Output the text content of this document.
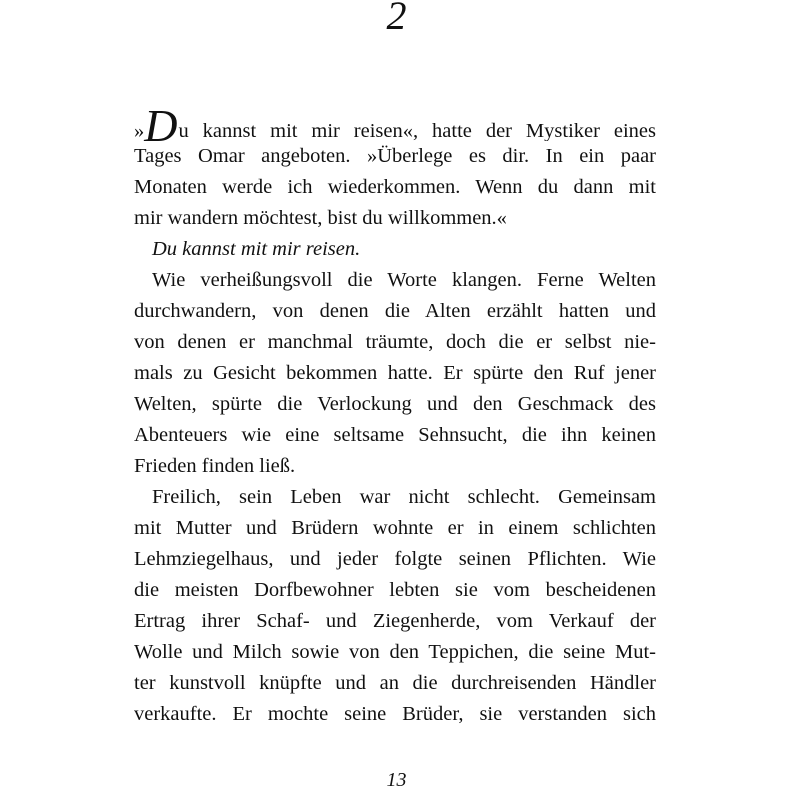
2
»Du kannst mit mir reisen«, hatte der Mystiker eines
Tages Omar angeboten. »Überlege es dir. In ein paar
Monaten werde ich wiederkommen. Wenn du dann mit
mir wandern möchtest, bist du willkommen.«
Du kannst mit mir reisen.
Wie verheißungsvoll die Worte klangen. Ferne Welten
durchwandern, von denen die Alten erzählt hatten und
von denen er manchmal träumte, doch die er selbst nie-
mals zu Gesicht bekommen hatte. Er spürte den Ruf jener
Welten, spürte die Verlockung und den Geschmack des
Abenteuers wie eine seltsame Sehnsucht, die ihn keinen
Frieden finden ließ.
Freilich, sein Leben war nicht schlecht. Gemeinsam
mit Mutter und Brüdern wohnte er in einem schlichten
Lehmziegelhaus, und jeder folgte seinen Pflichten. Wie
die meisten Dorfbewohner lebten sie vom bescheidenen
Ertrag ihrer Schaf- und Ziegenherde, vom Verkauf der
Wolle und Milch sowie von den Teppichen, die seine Mut-
ter kunstvoll knüpfte und an die durchreisenden Händler
verkaufte. Er mochte seine Brüder, sie verstanden sich
13
